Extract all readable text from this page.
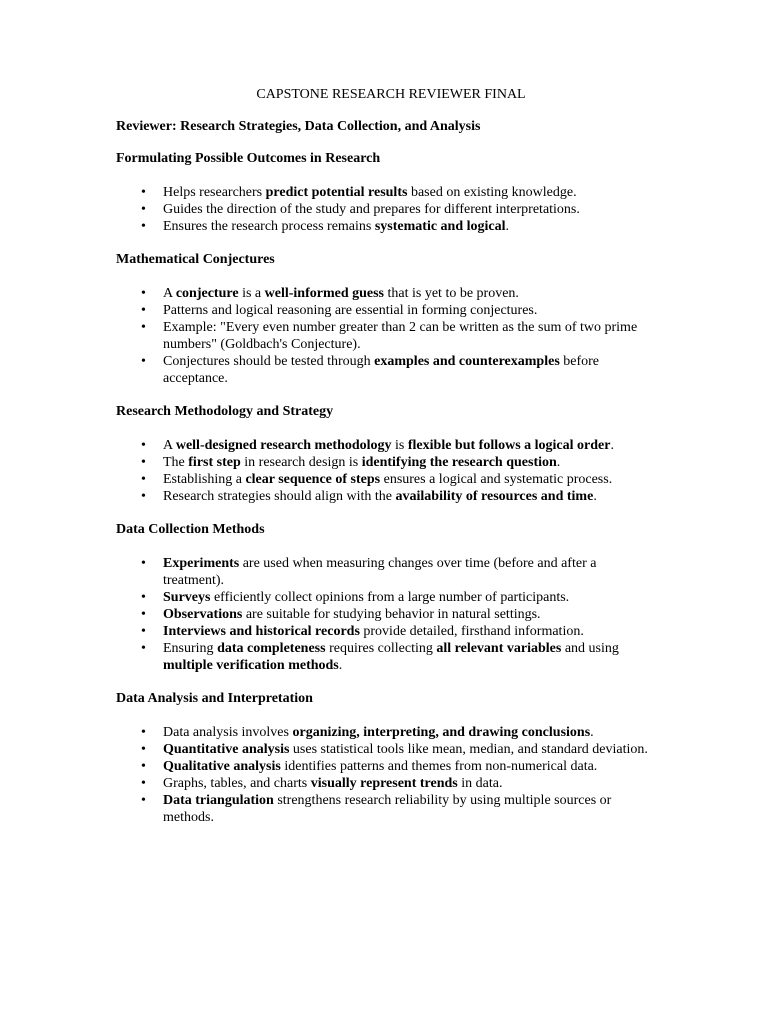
CAPSTONE RESEARCH REVIEWER FINAL
Reviewer: Research Strategies, Data Collection, and Analysis
Formulating Possible Outcomes in Research
• Helps researchers predict potential results based on existing knowledge.
• Guides the direction of the study and prepares for different interpretations.
• Ensures the research process remains systematic and logical.
Mathematical Conjectures
• A conjecture is a well-informed guess that is yet to be proven.
• Patterns and logical reasoning are essential in forming conjectures.
• Example: "Every even number greater than 2 can be written as the sum of two prime numbers" (Goldbach's Conjecture).
• Conjectures should be tested through examples and counterexamples before acceptance.
Research Methodology and Strategy
• A well-designed research methodology is flexible but follows a logical order.
• The first step in research design is identifying the research question.
• Establishing a clear sequence of steps ensures a logical and systematic process.
• Research strategies should align with the availability of resources and time.
Data Collection Methods
• Experiments are used when measuring changes over time (before and after a treatment).
• Surveys efficiently collect opinions from a large number of participants.
• Observations are suitable for studying behavior in natural settings.
• Interviews and historical records provide detailed, firsthand information.
• Ensuring data completeness requires collecting all relevant variables and using multiple verification methods.
Data Analysis and Interpretation
• Data analysis involves organizing, interpreting, and drawing conclusions.
• Quantitative analysis uses statistical tools like mean, median, and standard deviation.
• Qualitative analysis identifies patterns and themes from non-numerical data.
• Graphs, tables, and charts visually represent trends in data.
• Data triangulation strengthens research reliability by using multiple sources or methods.
